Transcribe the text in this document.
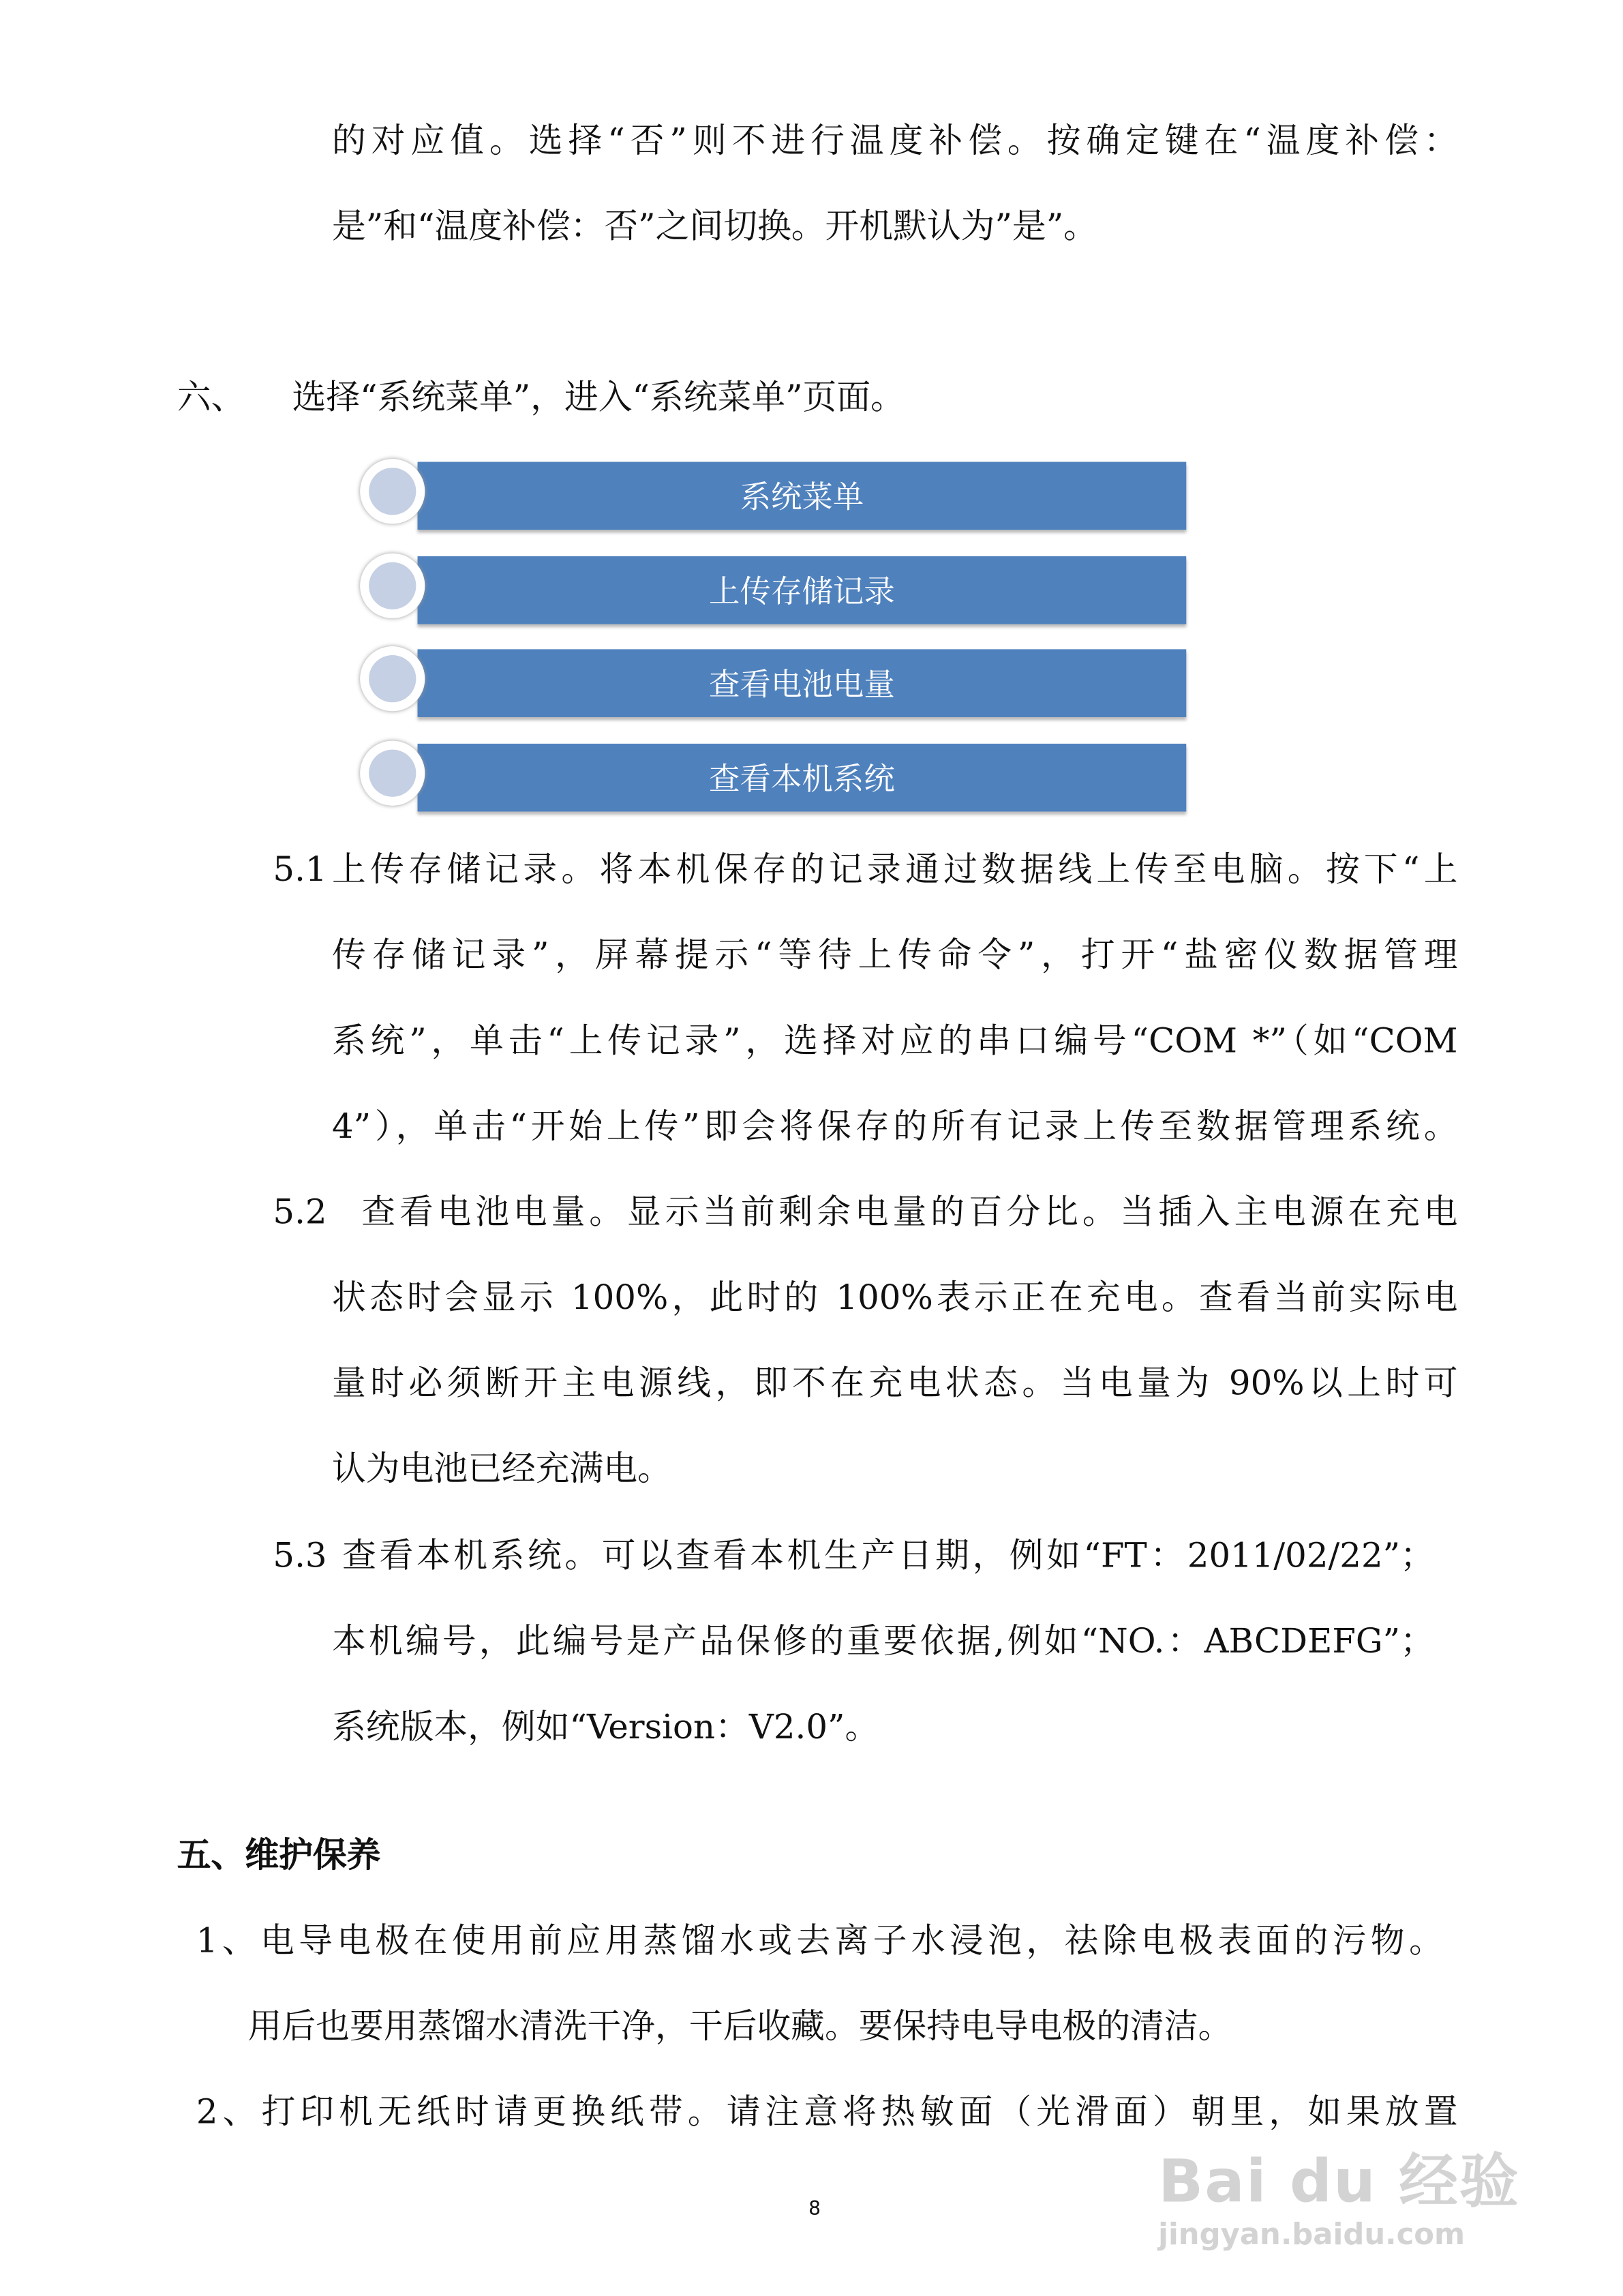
的对应值。选择“否”则不进行温度补偿。按确定键在“温度补偿：
是”和“温度补偿：否”之间切换。开机默认为”是”。
六、	选择“系统菜单”，进入“系统菜单”页面。
系统菜单
上传存储记录
查看电池电量
查看本机系统
5.1 上传存储记录。将本机保存的记录通过数据线上传至电脑。按下“上
传存储记录”，屏幕提示“等待上传命令”，打开“盐密仪数据管理
系统”，单击“上传记录”，选择对应的串口编号“COM *”（如“COM
4”），单击“开始上传”即会将保存的所有记录上传至数据管理系统。
5.2 查看电池电量。显示当前剩余电量的百分比。当插入主电源在充电
状态时会显示 100%，此时的 100%表示正在充电。查看当前实际电
量时必须断开主电源线，即不在充电状态。当电量为 90%以上时可
认为电池已经充满电。
5.3 查看本机系统。可以查看本机生产日期，例如“FT：2011/02/22”；
本机编号，此编号是产品保修的重要依据,例如“NO.：ABCDEFG”；
系统版本，例如“Version：V2.0”。
五、维护保养
1、电导电极在使用前应用蒸馏水或去离子水浸泡，祛除电极表面的污物。
用后也要用蒸馏水清洗干净，干后收藏。要保持电导电极的清洁。
2、打印机无纸时请更换纸带。请注意将热敏面（光滑面）朝里，如果放置
8	Bai du 经验
jingyan.baidu.com
